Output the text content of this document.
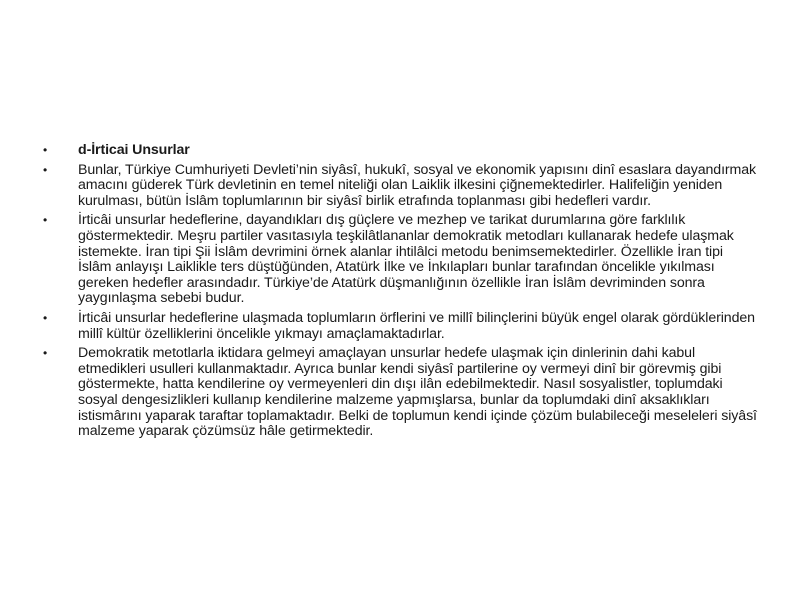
•	d-İrticai Unsurlar
•	Bunlar, Türkiye Cumhuriyeti Devleti’nin siyâsî, hukukî, sosyal ve ekonomik yapısını dinî esaslara dayandırmak amacını güderek Türk devletinin en temel niteliği olan Laiklik ilkesini çiğnemektedirler. Halifeliğin yeniden kurulması, bütün İslâm toplumlarının bir siyâsî birlik etrafında toplanması gibi hedefleri vardır.
•	İrticâi unsurlar hedeflerine, dayandıkları dış güçlere ve mezhep ve tarikat durumlarına göre farklılık göstermektedir. Meşru partiler vasıtasıyla teşkilâtlananlar demokratik metodları kullanarak hedefe ulaşmak istemekte. İran tipi Şii İslâm devrimini örnek alanlar ihtilâlci metodu benimsemektedirler. Özellikle İran tipi İslâm anlayışı Laiklikle ters düştüğünden, Atatürk İlke ve İnkılapları bunlar tarafından öncelikle yıkılması gereken hedefler arasındadır. Türkiye’de Atatürk düşmanlığının özellikle İran İslâm devriminden sonra yaygınlaşma sebebi budur.
•	İrticâi unsurlar hedeflerine ulaşmada toplumların örflerini ve millî bilinçlerini büyük engel olarak gördüklerinden millî kültür özelliklerini öncelikle yıkmayı amaçlamaktadırlar.
•	Demokratik metotlarla iktidara gelmeyi amaçlayan unsurlar hedefe ulaşmak için dinlerinin dahi kabul etmedikleri usulleri kullanmaktadır. Ayrıca bunlar kendi siyâsî partilerine oy vermeyi dinî bir görevmiş gibi göstermekte, hatta kendilerine oy vermeyenleri din dışı ilân edebilmektedir. Nasıl sosyalistler, toplumdaki sosyal dengesizlikleri kullanıp kendilerine malzeme yapmışlarsa, bunlar da toplumdaki dinî aksaklıkları istismârını yaparak taraftar toplamaktadır. Belki de toplumun kendi içinde çözüm bulabileceği meseleleri siyâsî malzeme yaparak çözümsüz hâle getirmektedir.
